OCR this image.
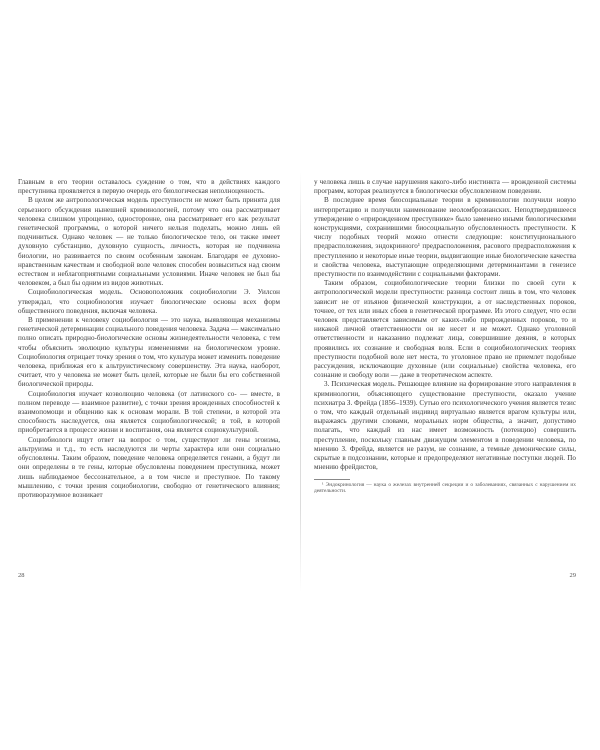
Главным в его теории оставалось суждение о том, что в действиях каждого преступника проявляется в первую очередь его биологическая неполноценность.

В целом же антропологическая модель преступности не может быть принята для серьезного обсуждения нынешней криминологией, потому что она рассматривает человека слишком упрощенно, односторонне, она рассматривает его как результат генетической программы, о которой ничего нельзя поделать, можно лишь ей подчиниться. Однако человек — не только биологическое тело, он также имеет духовную субстанцию, духовную сущность, личность, которая не подчинена биологии, но развивается по своим особенным законам. Благодаря ее духовно-нравственным качествам и свободной воле человек способен возвыситься над своим естеством и неблагоприятными социальными условиями. Иначе человек не был бы человеком, а был бы одним из видов животных.

Социобиологическая модель. Основоположник социобиологии Э. Уилсон утверждал, что социобиология изучает биологические основы всех форм общественного поведения, включая человека.

В применении к человеку социобиология — это наука, выявляющая механизмы генетической детерминации социального поведения человека. Задача — максимально полно описать природно-биологические основы жизнедеятельности человека, с тем чтобы объяснить эволюцию культуры изменениями на биологическом уровне. Социобиология отрицает точку зрения о том, что культура может изменить поведение человека, приближая его к альтруистическому совершенству. Эта наука, наоборот, считает, что у человека не может быть целей, которые не были бы его собственной биологической природы.

Социобиология изучает коэволюцию человека (от латинского со- — вместе, в полном переводе — взаимное развитие), с точки зрения врожденных способностей к взаимопомощи и общению как к основам морали. В той степени, в которой эта способность наследуется, она является социобиологической; в той, в которой приобретается в процессе жизни и воспитания, она является социокультурной.

Социобиологи ищут ответ на вопрос о том, существуют ли гены эгоизма, альтруизма и т.д., то есть наследуются ли черты характера или они социально обусловлены. Таким образом, поведение человека определяется генами, а будут ли они определены в те гены, которые обусловлены поведением преступника, может лишь наблюдаемое бессознательное, а в том числе и преступное. По такому мышлению, с точки зрения социобиологии, свободно от генетического влияния; противоразумное возникает

28

у человека лишь в случае нарушения какого-либо инстинкта — врожденной системы программ, которая реализуется в биологически обусловленном поведении.

В последнее время биосоциальные теории в криминологии получили новую интерпретацию и получили наименование неоломброзианских. Неподтвердившееся утверждение о «прирожденном преступнике» было заменено иными биологическими конструкциями, сохранившими биосоциальную обусловленность преступности. К числу подобных теорий можно отнести следующие: конституционального предрасположения, эндокринного¹ предрасположения, расового предрасположения к преступлению и некоторые иные теории, выдвигающие иные биологические качества и свойства человека, выступающие определяющими детерминантами в генезисе преступности по взаимодействии с социальными факторами.

Таким образом, социобиологические теории близки по своей сути к антропологической модели преступности: разница состоит лишь в том, что человек зависит не от изъянов физической конструкции, а от наследственных пороков, точнее, от тех или иных сбоев в генетической программе. Из этого следует, что если человек представляется зависимым от каких-либо прирожденных пороков, то и никакой личной ответственности он не несет и не может. Однако уголовной ответственности и наказанию подлежат лица, совершившие деяния, в которых проявились их сознание и свободная воля. Если в социобиологических теориях преступности подобной воле нет места, то уголовное право не приемлет подобные рассуждения, исключающие духовные (или социальные) свойства человека, его сознание и свободу воли — даже в теоретическом аспекте.

3. Психическая модель. Решающее влияние на формирование этого направления в криминологии, объясняющего существование преступности, оказало учение психиатра З. Фрейда (1856–1939). Сутью его психологического учения является тезис о том, что каждый отдельный индивид виртуально является врагом культуры или, выражаясь другими словами, моральных норм общества, а значит, допустимо полагать, что каждый из нас имеет возможность (потенцию) совершить преступление, поскольку главным движущим элементом в поведении человека, по мнению З. Фрейда, является не разум, не сознание, а темные демонические силы, скрытые в подсознании, которые и предопределяют негативные поступки людей. По мнению фрейдистов,

¹ Эндокринология — наука о железах внутренней секреции и о заболеваниях, связанных с нарушением их деятельности.

29
